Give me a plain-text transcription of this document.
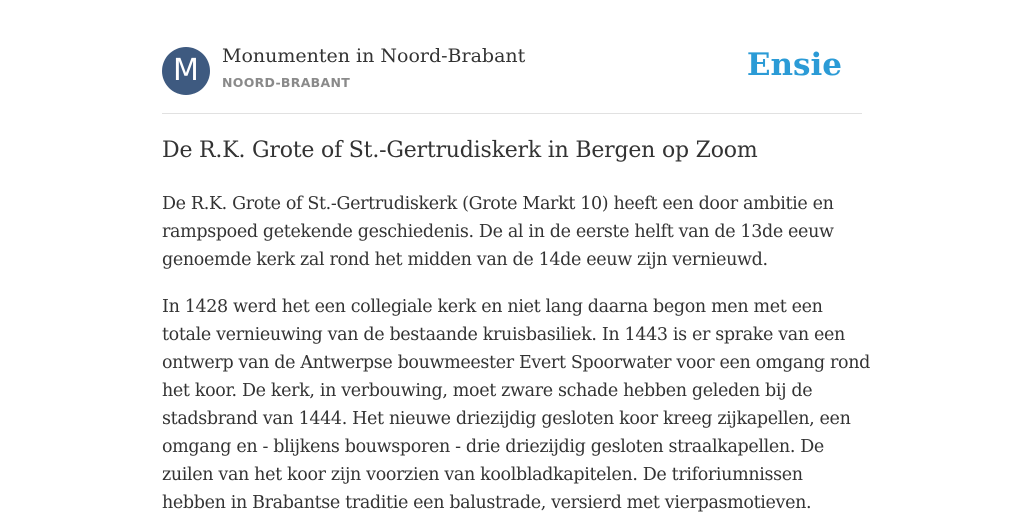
M	Monumenten in Noord-Brabant
NOORD-BRABANT	Ensie
De R.K. Grote of St.-Gertrudiskerk in Bergen op Zoom

De R.K. Grote of St.-Gertrudiskerk (Grote Markt 10) heeft een door ambitie en
rampspoed getekende geschiedenis. De al in de eerste helft van de 13de eeuw
genoemde kerk zal rond het midden van de 14de eeuw zijn vernieuwd.

In 1428 werd het een collegiale kerk en niet lang daarna begon men met een
totale vernieuwing van de bestaande kruisbasiliek. In 1443 is er sprake van een
ontwerp van de Antwerpse bouwmeester Evert Spoorwater voor een omgang rond
het koor. De kerk, in verbouwing, moet zware schade hebben geleden bij de
stadsbrand van 1444. Het nieuwe driezijdig gesloten koor kreeg zijkapellen, een
omgang en - blijkens bouwsporen - drie driezijdig gesloten straalkapellen. De
zuilen van het koor zijn voorzien van koolbladkapitelen. De triforiumnissen
hebben in Brabantse traditie een balustrade, versierd met vierpasmotieven.
